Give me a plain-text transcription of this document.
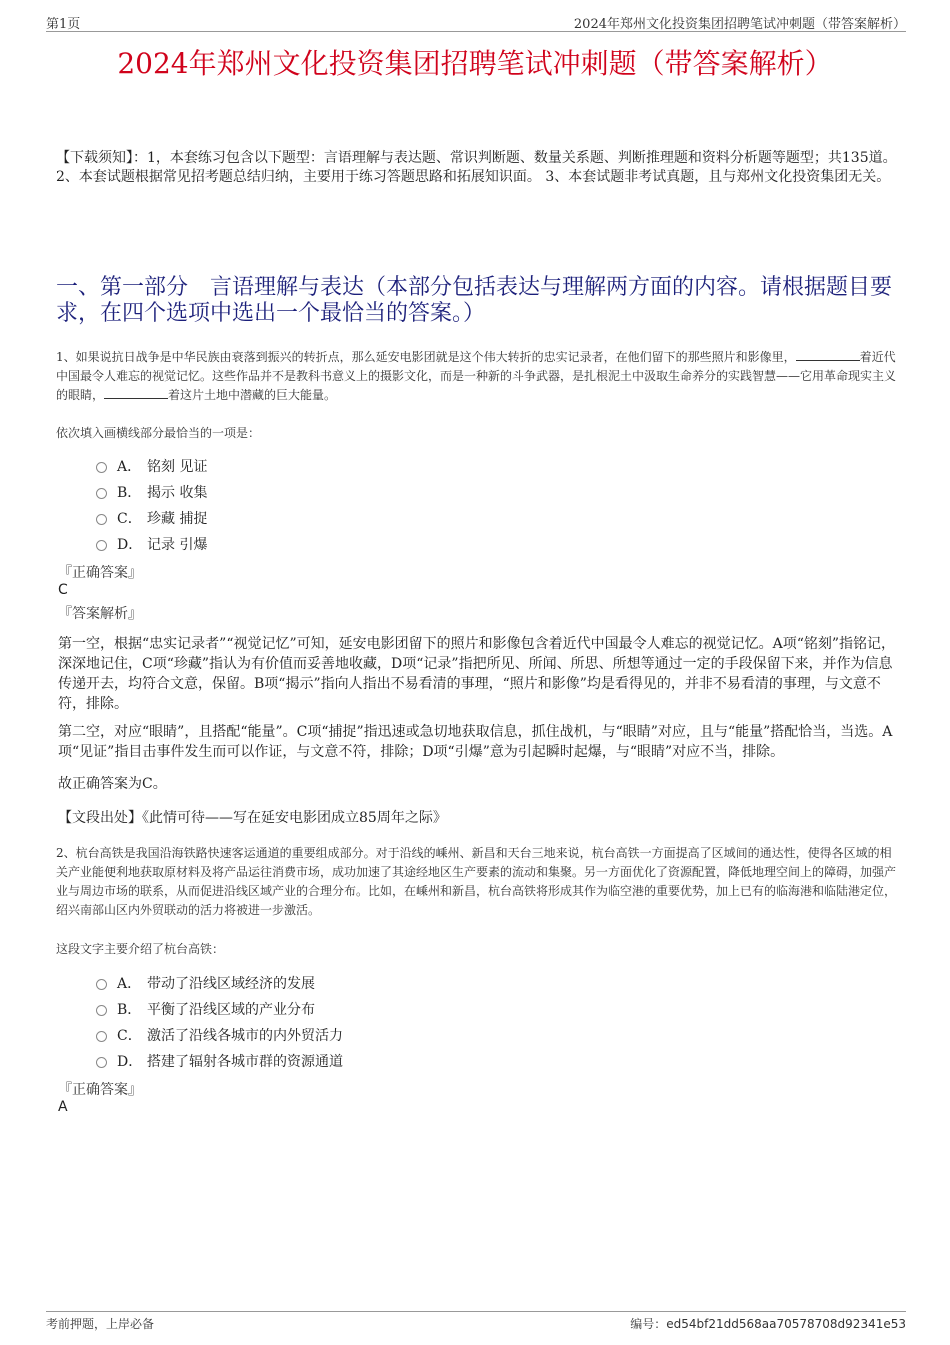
第1页	2024年郑州文化投资集团招聘笔试冲刺题（带答案解析）
2024年郑州文化投资集团招聘笔试冲刺题（带答案解析）
【下载须知】：1，本套练习包含以下题型：言语理解与表达题、常识判断题、数量关系题、判断推理题和资料分析题等题型；共135道。 2、本套试题根据常见招考题总结归纳，主要用于练习答题思路和拓展知识面。 3、本套试题非考试真题，且与郑州文化投资集团无关。
一、第一部分　言语理解与表达（本部分包括表达与理解两方面的内容。请根据题目要求，在四个选项中选出一个最恰当的答案。）
1、如果说抗日战争是中华民族由衰落到振兴的转折点，那么延安电影团就是这个伟大转折的忠实记录者，在他们留下的那些照片和影像里，	着近代中国最令人难忘的视觉记忆。这些作品并不是教科书意义上的摄影文化，而是一种新的斗争武器，是扎根泥土中汲取生命养分的实践智慧——它用革命现实主义的眼睛，	着这片土地中潜藏的巨大能量。
依次填入画横线部分最恰当的一项是：
A． 铭刻 见证
B． 揭示 收集
C． 珍藏 捕捉
D． 记录 引爆
『正确答案』
C
『答案解析』
第一空，根据“忠实记录者”“视觉记忆”可知，延安电影团留下的照片和影像包含着近代中国最令人难忘的视觉记忆。A项“铭刻”指铭记，深深地记住，C项“珍藏”指认为有价值而妥善地收藏，D项“记录”指把所见、所闻、所思、所想等通过一定的手段保留下来，并作为信息传递开去，均符合文意，保留。B项“揭示”指向人指出不易看清的事理，“照片和影像”均是看得见的，并非不易看清的事理，与文意不符，排除。
第二空，对应“眼睛”，且搭配“能量”。C项“捕捉”指迅速或急切地获取信息，抓住战机，与“眼睛”对应，且与“能量”搭配恰当，当选。A项“见证”指目击事件发生而可以作证，与文意不符，排除；D项“引爆”意为引起瞬时起爆，与“眼睛”对应不当，排除。
故正确答案为C。
【文段出处】《此情可待——写在延安电影团成立85周年之际》
2、杭台高铁是我国沿海铁路快速客运通道的重要组成部分。对于沿线的嵊州、新昌和天台三地来说，杭台高铁一方面提高了区域间的通达性，使得各区域的相关产业能便利地获取原材料及将产品运往消费市场，成功加速了其途经地区生产要素的流动和集聚。另一方面优化了资源配置，降低地理空间上的障碍，加强产业与周边市场的联系，从而促进沿线区域产业的合理分布。比如，在嵊州和新昌，杭台高铁将形成其作为临空港的重要优势，加上已有的临海港和临陆港定位，绍兴南部山区内外贸联动的活力将被进一步激活。
这段文字主要介绍了杭台高铁：
A． 带动了沿线区域经济的发展
B． 平衡了沿线区域的产业分布
C． 激活了沿线各城市的内外贸活力
D． 搭建了辐射各城市群的资源通道
『正确答案』
A
考前押题，上岸必备	编号：ed54bf21dd568aa70578708d92341e53
